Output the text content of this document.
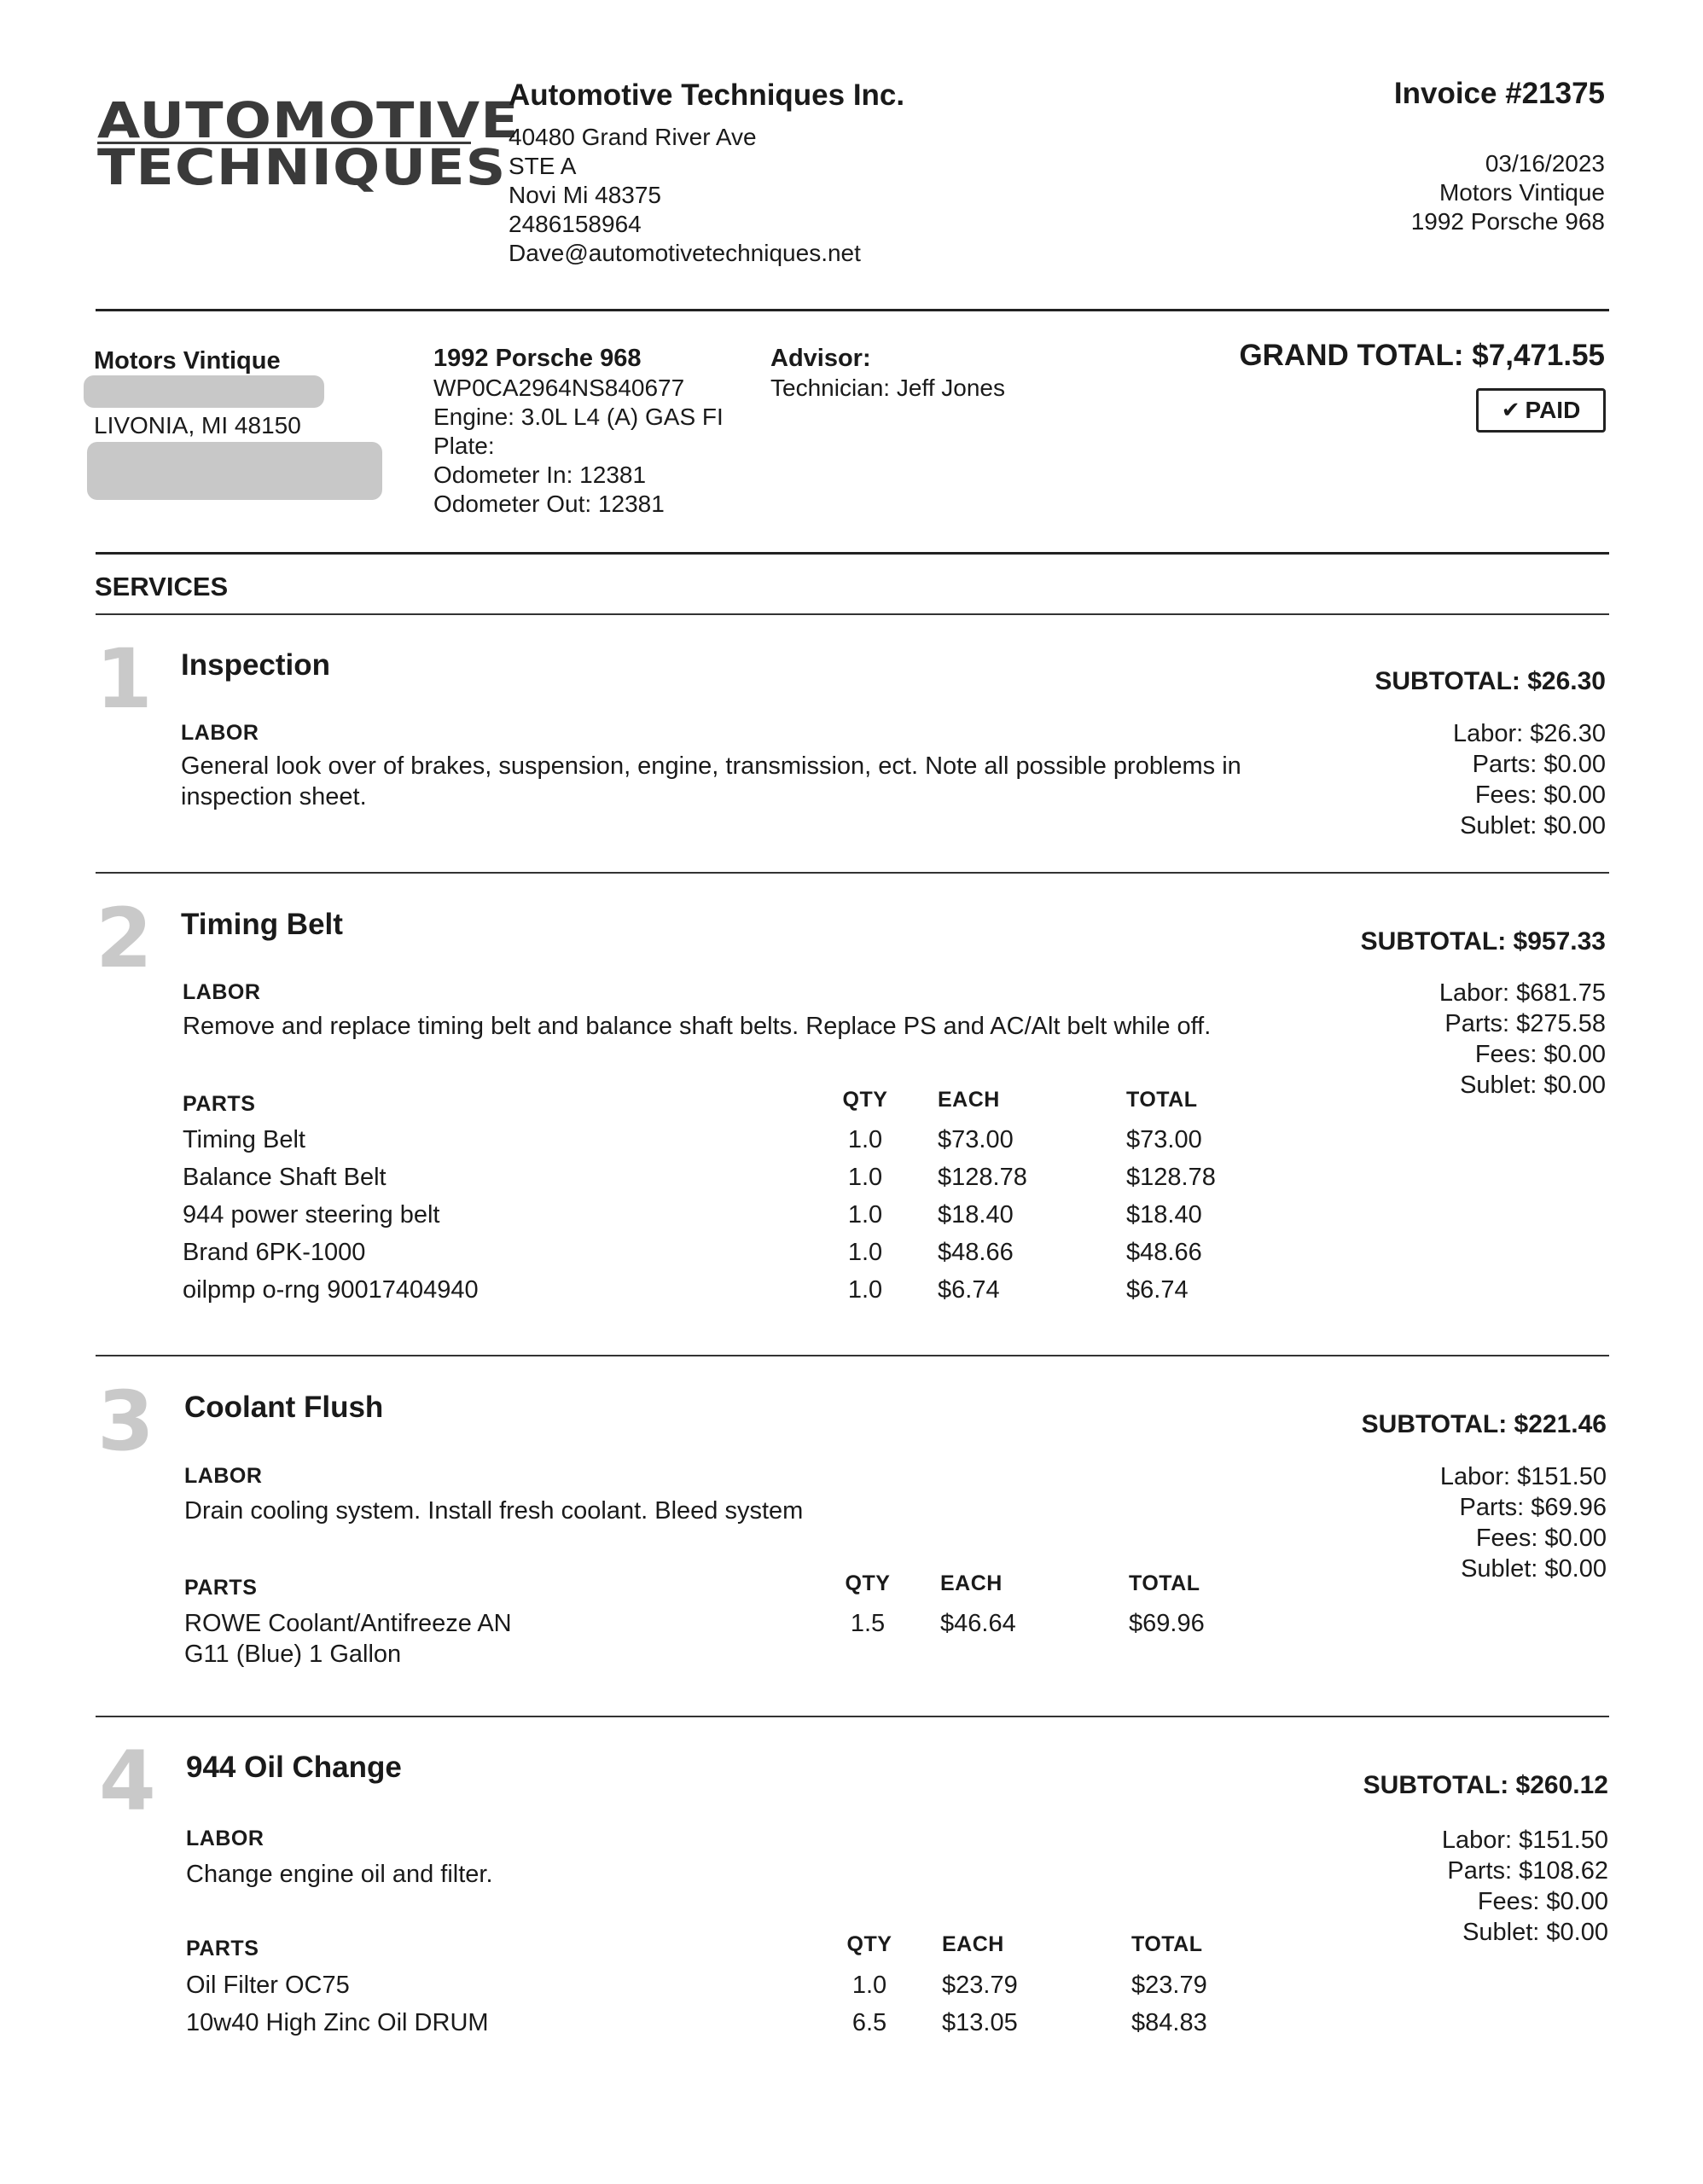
AUTOMOTIVE
TECHNIQUES
Automotive Techniques Inc.
40480 Grand River Ave
STE A
Novi Mi 48375
2486158964
Dave@automotivetechniques.net
Invoice #21375
03/16/2023
Motors Vintique
1992 Porsche 968
Motors Vintique
LIVONIA, MI 48150
1992 Porsche 968
WP0CA2964NS840677
Engine: 3.0L L4 (A) GAS FI
Plate:
Odometer In: 12381
Odometer Out: 12381
Advisor:
Technician: Jeff Jones
GRAND TOTAL: $7,471.55
✔ PAID
SERVICES
1 Inspection
LABOR
General look over of brakes, suspension, engine, transmission, ect. Note all possible problems in
inspection sheet.
SUBTOTAL: $26.30
Labor: $26.30
Parts: $0.00
Fees: $0.00
Sublet: $0.00
2 Timing Belt
LABOR
Remove and replace timing belt and balance shaft belts. Replace PS and AC/Alt belt while off.
SUBTOTAL: $957.33
Labor: $681.75
Parts: $275.58
Fees: $0.00
Sublet: $0.00
PARTS	QTY EACH	TOTAL
Timing Belt	1.0	$73.00	$73.00
Balance Shaft Belt	1.0	$128.78	$128.78
944 power steering belt	1.0	$18.40	$18.40
Brand 6PK-1000	1.0	$48.66	$48.66
oilpmp o-rng 90017404940	1.0	$6.74	$6.74
3 Coolant Flush
LABOR
Drain cooling system. Install fresh coolant. Bleed system
SUBTOTAL: $221.46
Labor: $151.50
Parts: $69.96
Fees: $0.00
Sublet: $0.00
PARTS	QTY EACH	TOTAL
ROWE Coolant/Antifreeze AN
G11 (Blue) 1 Gallon
1.5	$46.64	$69.96
4 944 Oil Change
LABOR
Change engine oil and filter.
SUBTOTAL: $260.12
Labor: $151.50
Parts: $108.62
Fees: $0.00
Sublet: $0.00
PARTS	QTY EACH	TOTAL
Oil Filter OC75	1.0	$23.79	$23.79
10w40 High Zinc Oil DRUM	6.5	$13.05	$84.83
